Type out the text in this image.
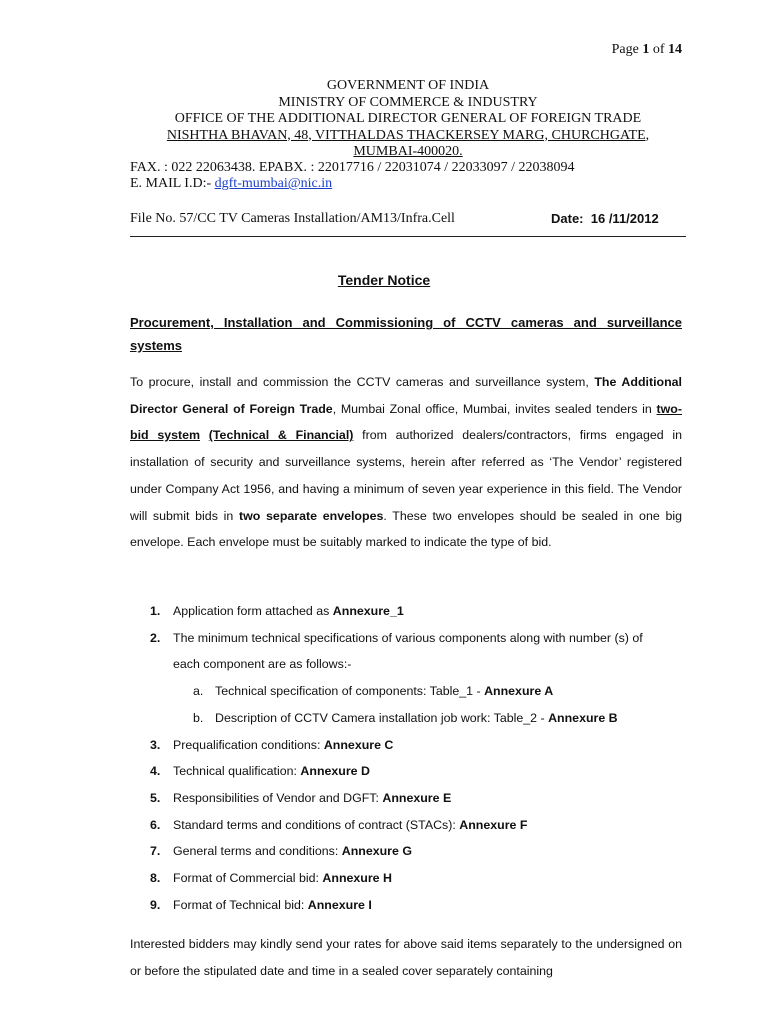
Page 1 of 14
GOVERNMENT OF INDIA
MINISTRY OF COMMERCE & INDUSTRY
OFFICE OF THE ADDITIONAL DIRECTOR GENERAL OF FOREIGN TRADE
NISHTHA BHAVAN, 48, VITTHALDAS THACKERSEY MARG, CHURCHGATE,
MUMBAI-400020.
FAX. : 022 22063438. EPABX. : 22017716 / 22031074 / 22033097 / 22038094
E. MAIL I.D:- dgft-mumbai@nic.in
File No. 57/CC TV Cameras Installation/AM13/Infra.Cell	Date: 16 /11/2012
Tender Notice
Procurement, Installation and Commissioning of CCTV cameras and surveillance systems
To procure, install and commission the CCTV cameras and surveillance system, The Additional Director General of Foreign Trade, Mumbai Zonal office, Mumbai, invites sealed tenders in two-bid system (Technical & Financial) from authorized dealers/contractors, firms engaged in installation of security and surveillance systems, herein after referred as ‘The Vendor’ registered under Company Act 1956, and having a minimum of seven year experience in this field. The Vendor will submit bids in two separate envelopes. These two envelopes should be sealed in one big envelope. Each envelope must be suitably marked to indicate the type of bid.
1. Application form attached as Annexure_1
2. The minimum technical specifications of various components along with number (s) of
each component are as follows:-
a. Technical specification of components: Table_1 - Annexure A
b. Description of CCTV Camera installation job work: Table_2 - Annexure B
3. Prequalification conditions: Annexure C
4. Technical qualification: Annexure D
5. Responsibilities of Vendor and DGFT: Annexure E
6. Standard terms and conditions of contract (STACs): Annexure F
7. General terms and conditions: Annexure G
8. Format of Commercial bid: Annexure H
9. Format of Technical bid: Annexure I
Interested bidders may kindly send your rates for above said items separately to the undersigned on or before the stipulated date and time in a sealed cover separately containing
